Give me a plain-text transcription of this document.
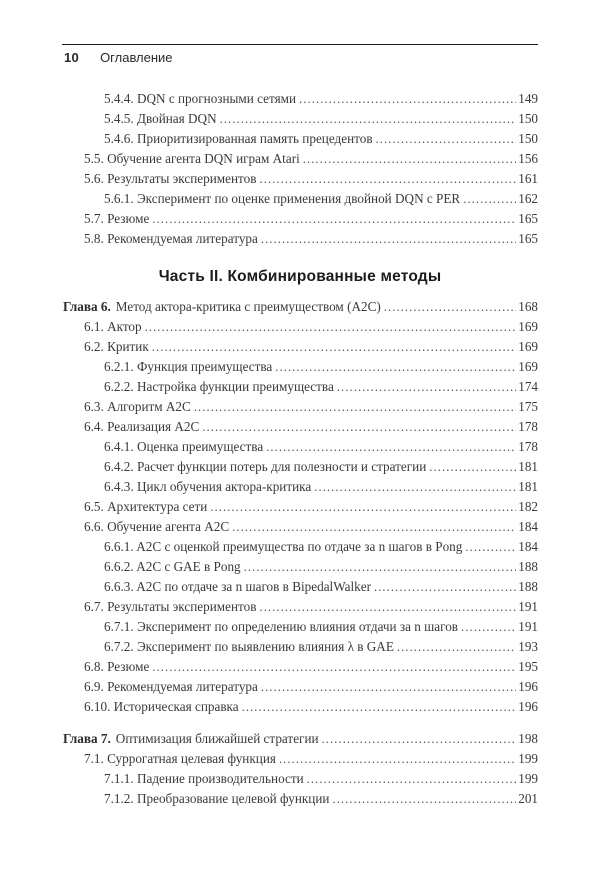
10 Оглавление
5.4.4. DQN с прогнозными сетями .....	149
5.4.5. Двойная DQN .....	150
5.4.6. Приоритизированная память прецедентов .....	150
5.5. Обучение агента DQN играм Atari .....	156
5.6. Результаты экспериментов .....	161
5.6.1. Эксперимент по оценке применения двойной DQN с PER .....	162
5.7. Резюме .....	165
5.8. Рекомендуемая литература .....	165
Часть II. Комбинированные методы
Глава 6. Метод актора-критика с преимуществом (A2C) .....	168
6.1. Актор .....	169
6.2. Критик .....	169
6.2.1. Функция преимущества .....	169
6.2.2. Настройка функции преимущества .....	174
6.3. Алгоритм A2C .....	175
6.4. Реализация A2C .....	178
6.4.1. Оценка преимущества .....	178
6.4.2. Расчет функции потерь для полезности и стратегии .....	181
6.4.3. Цикл обучения актора-критика .....	181
6.5. Архитектура сети .....	182
6.6. Обучение агента A2C .....	184
6.6.1. A2C с оценкой преимущества по отдаче за n шагов в Pong .....	184
6.6.2. A2C с GAE в Pong .....	188
6.6.3. A2C по отдаче за n шагов в BipedalWalker .....	188
6.7. Результаты экспериментов .....	191
6.7.1. Эксперимент по определению влияния отдачи за n шагов .....	191
6.7.2. Эксперимент по выявлению влияния λ в GAE .....	193
6.8. Резюме .....	195
6.9. Рекомендуемая литература .....	196
6.10. Историческая справка .....	196
Глава 7. Оптимизация ближайшей стратегии .....	198
7.1. Суррогатная целевая функция .....	199
7.1.1. Падение производительности .....	199
7.1.2. Преобразование целевой функции .....	201
